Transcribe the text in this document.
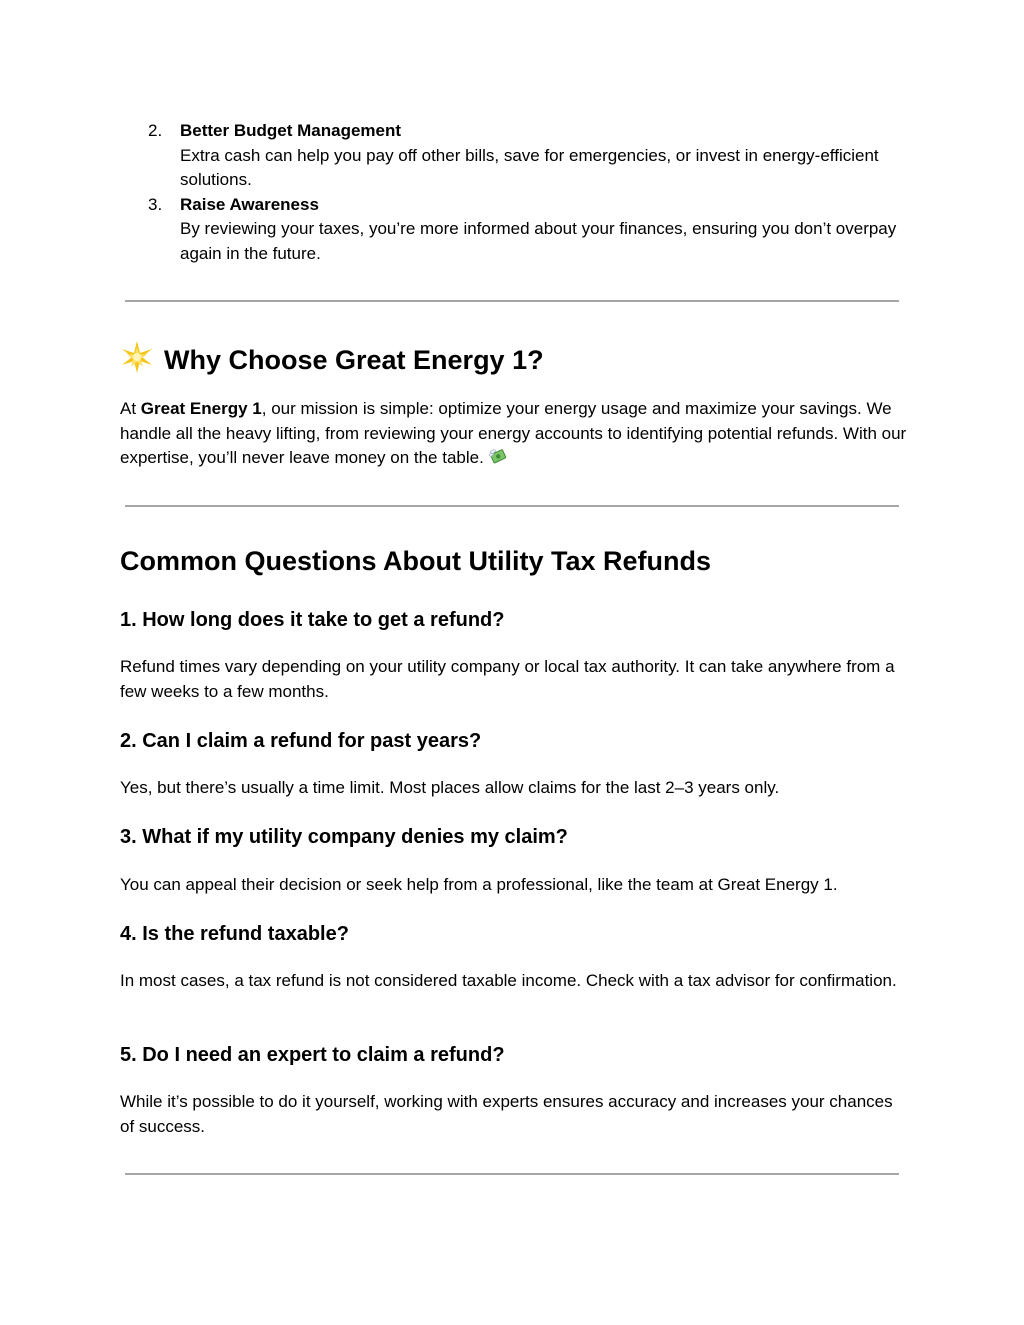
2. Better Budget Management
Extra cash can help you pay off other bills, save for emergencies, or invest in energy-efficient solutions.
3. Raise Awareness
By reviewing your taxes, you’re more informed about your finances, ensuring you don’t overpay again in the future.
Why Choose Great Energy 1?
At Great Energy 1, our mission is simple: optimize your energy usage and maximize your savings. We handle all the heavy lifting, from reviewing your energy accounts to identifying potential refunds. With our expertise, you’ll never leave money on the table.
Common Questions About Utility Tax Refunds
1. How long does it take to get a refund?
Refund times vary depending on your utility company or local tax authority. It can take anywhere from a few weeks to a few months.
2. Can I claim a refund for past years?
Yes, but there’s usually a time limit. Most places allow claims for the last 2–3 years only.
3. What if my utility company denies my claim?
You can appeal their decision or seek help from a professional, like the team at Great Energy 1.
4. Is the refund taxable?
In most cases, a tax refund is not considered taxable income. Check with a tax advisor for confirmation.
5. Do I need an expert to claim a refund?
While it’s possible to do it yourself, working with experts ensures accuracy and increases your chances of success.
